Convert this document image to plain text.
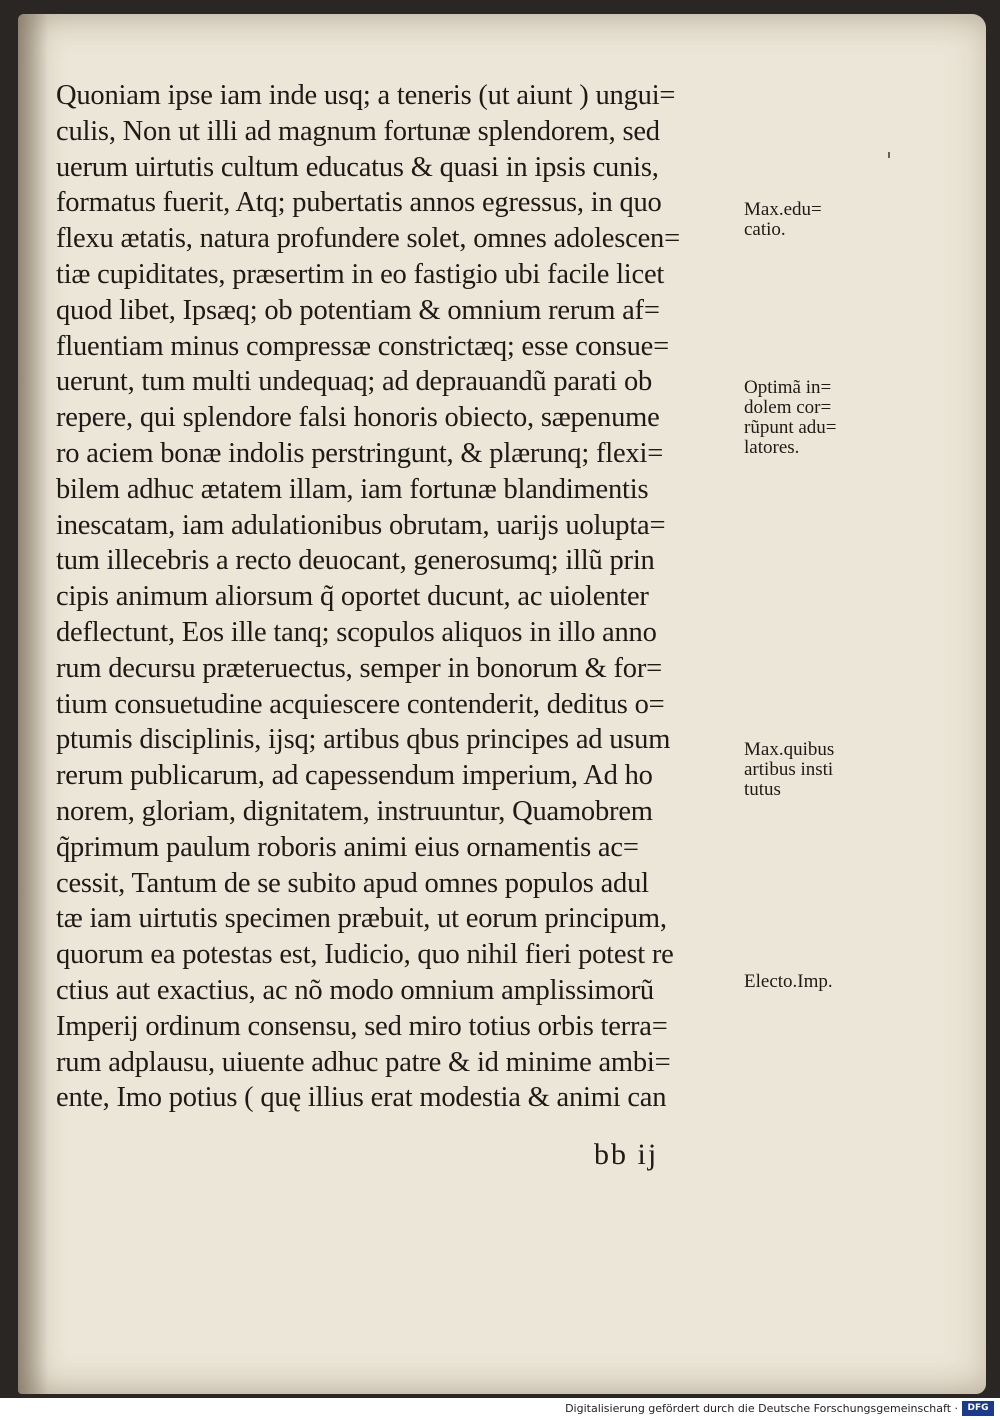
Quoniam ipse iam inde usq; a teneris (ut aiunt ) ungui=
culis, Non ut illi ad magnum fortunæ splendorem, sed
uerum uirtutis cultum educatus & quasi in ipsis cunis,
formatus fuerit, Atq; pubertatis annos egressus, in quo
flexu ætatis, natura profundere solet, omnes adolescen=
tiæ cupiditates, præsertim in eo fastigio ubi facile licet
quod libet, Ipsæq; ob potentiam & omnium rerum af=
fluentiam minus compressæ constrictæq; esse consue=
uerunt, tum multi undequaq; ad deprauandũ parati ob
repere, qui splendore falsi honoris obiecto, sæpenume
ro aciem bonæ indolis perstringunt, & plærunq; flexi=
bilem adhuc ætatem illam, iam fortunæ blandimentis
inescatam, iam adulationibus obrutam, uarijs uolupta=
tum illecebris a recto deuocant, generosumq; illũ prin
cipis animum aliorsum q̃ oportet ducunt, ac uiolenter
deflectunt, Eos ille tanq; scopulos aliquos in illo anno
rum decursu præteruectus, semper in bonorum & for=
tium consuetudine acquiescere contenderit, deditus o=
ptumis disciplinis, ijsq; artibus qbus principes ad usum
rerum publicarum, ad capessendum imperium, Ad ho
norem, gloriam, dignitatem, instruuntur, Quamobrem
q̃primum paulum roboris animi eius ornamentis ac=
cessit, Tantum de se subito apud omnes populos adul
tæ iam uirtutis specimen præbuit, ut eorum principum,
quorum ea potestas est, Iudicio, quo nihil fieri potest re
ctius aut exactius, ac nõ modo omnium amplissimorũ
Imperij ordinum consensu, sed miro totius orbis terra=
rum adplausu, uiuente adhuc patre & id minime ambi=
ente, Imo potius ( quę illius erat modestia & animi can
Max.edu=
catio.
Optimã in=
dolem cor=
rũpunt adu=
latores.
Max.quibus
artibus insti
tutus
Electo.Imp.
bb ij
Digitalisierung gefördert durch die Deutsche Forschungsgemeinschaft ·	DFG
